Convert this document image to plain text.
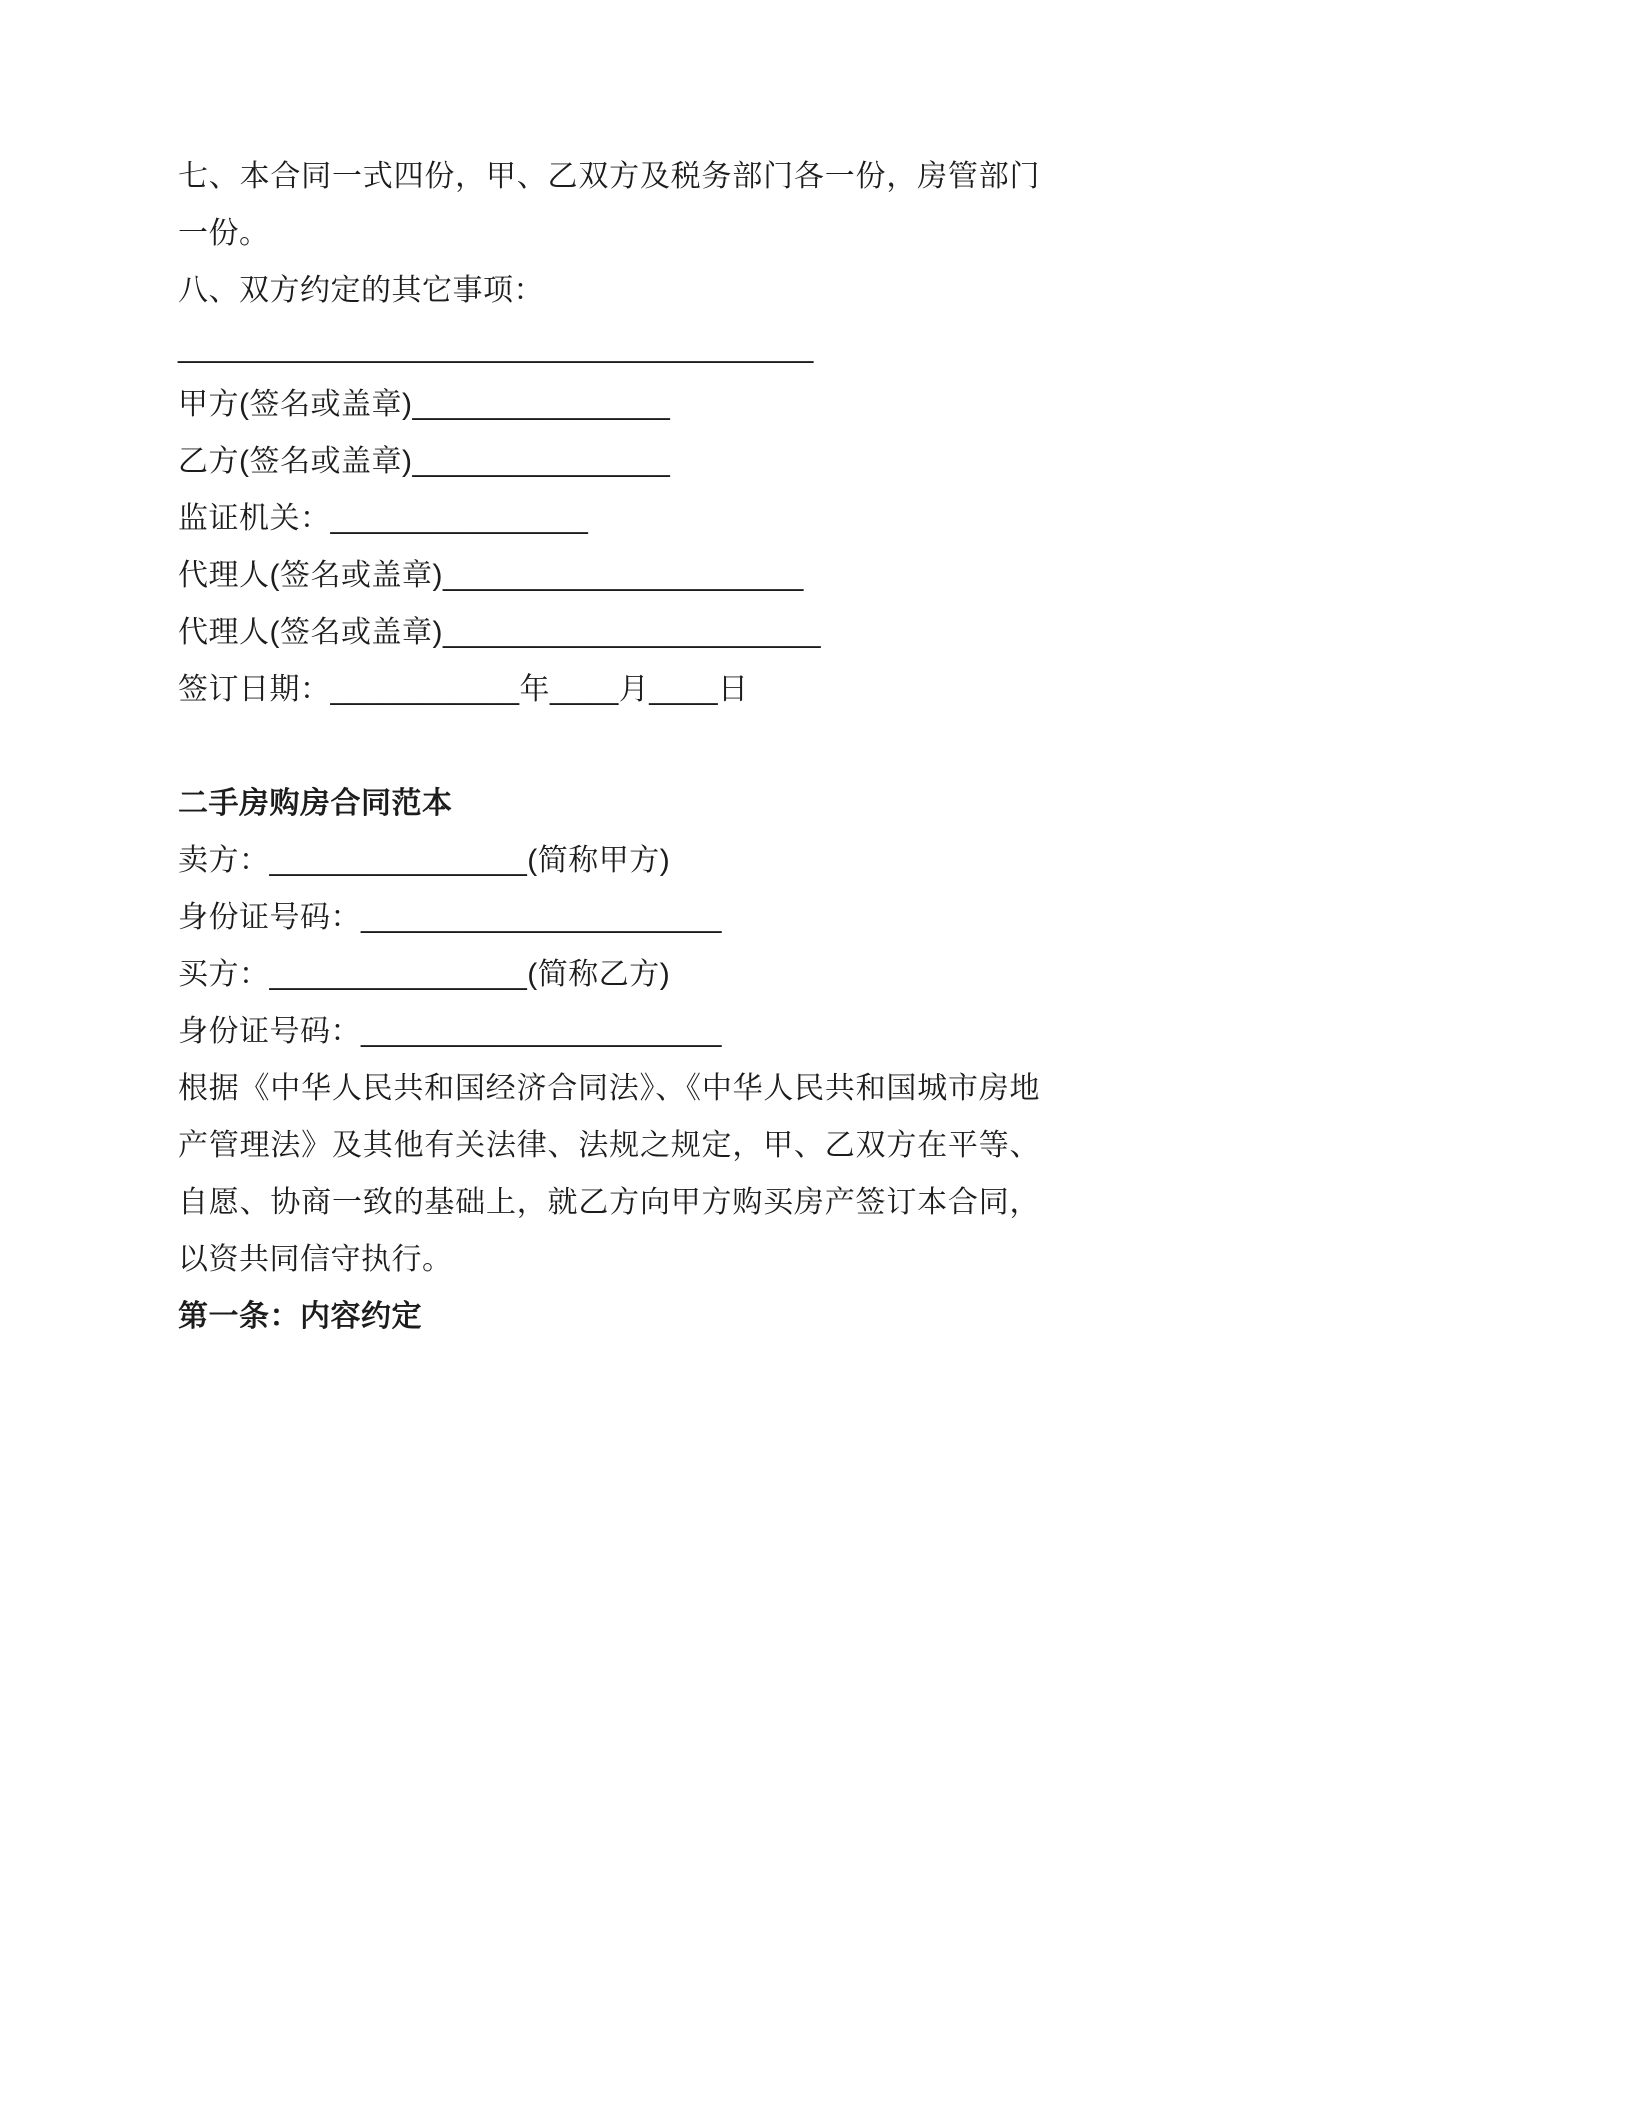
七、本合同一式四份，甲、乙双方及税务部门各一份，房管部门一份。

八、双方约定的其它事项：

_____________________________________

甲方(签名或盖章)_______________

乙方(签名或盖章)_______________

监证机关：_______________

代理人(签名或盖章)_____________________

代理人(签名或盖章)______________________

签订日期：___________年____月____日

二手房购房合同范本

卖方：_______________(简称甲方)

身份证号码：_____________________

买方：_______________(简称乙方)

身份证号码：_____________________

根据《中华人民共和国经济合同法》、《中华人民共和国城市房地产管理法》及其他有关法律、法规之规定，甲、乙双方在平等、自愿、协商一致的基础上，就乙方向甲方购买房产签订本合同，以资共同信守执行。

第一条：内容约定
